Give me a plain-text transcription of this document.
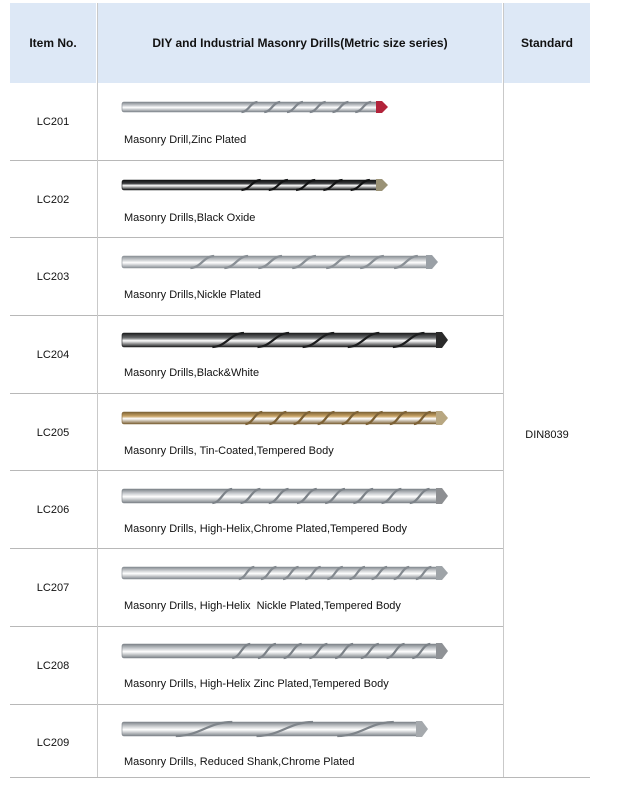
Item No.	DIY and Industrial Masonry Drills(Metric size series)	Standard
LC201
Masonry Drill,Zinc Plated
LC202
Masonry Drills,Black Oxide
LC203
Masonry Drills,Nickle Plated
LC204
Masonry Drills,Black&White
LC205
Masonry Drills, Tin-Coated,Tempered Body
LC206
Masonry Drills, High-Helix,Chrome Plated,Tempered Body
LC207
Masonry Drills, High-Helix  Nickle Plated,Tempered Body
LC208
Masonry Drills, High-Helix Zinc Plated,Tempered Body
LC209
Masonry Drills, Reduced Shank,Chrome Plated
DIN8039
